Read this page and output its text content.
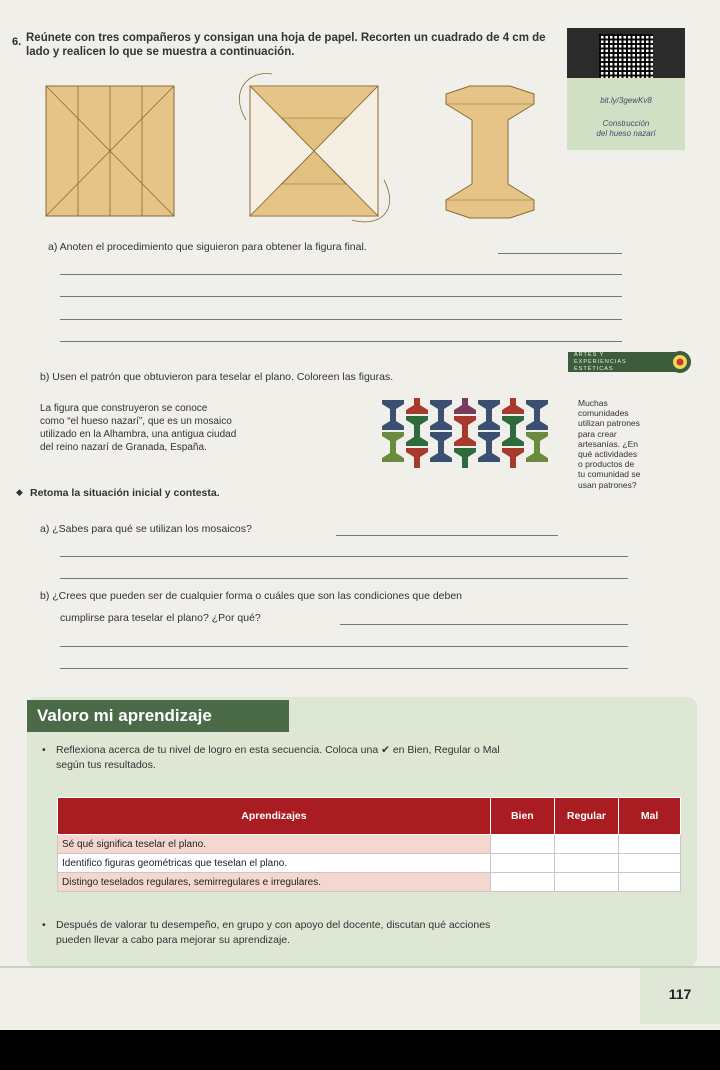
6. Reúnete con tres compañeros y consigan una hoja de papel. Recorten un cuadrado de 4 cm de lado y realicen lo que se muestra a continuación.
bit.ly/3gewKv8
Construcción
del hueso nazarí
a) Anoten el procedimiento que siguieron para obtener la figura final.
b) Usen el patrón que obtuvieron para teselar el plano. Coloreen las figuras.
ARTES Y
EXPERIENCIAS
ESTÉTICAS
La figura que construyeron se conoce
como “el hueso nazarí”, que es un mosaico
utilizado en la Alhambra, una antigua ciudad
del reino nazarí de Granada, España.
Muchas
comunidades
utilizan patrones
para crear
artesanías. ¿En
qué actividades
o productos de
tu comunidad se
usan patrones?
◆ Retoma la situación inicial y contesta.
a) ¿Sabes para qué se utilizan los mosaicos?
b) ¿Crees que pueden ser de cualquier forma o cuáles que son las condiciones que deben
cumplirse para teselar el plano? ¿Por qué?
Valoro mi aprendizaje
• Reflexiona acerca de tu nivel de logro en esta secuencia. Coloca una ✔ en Bien, Regular o Mal
según tus resultados.
Aprendizajes	Bien	Regular	Mal
Sé qué significa teselar el plano.			
Identifico figuras geométricas que teselan el plano.			
Distingo teselados regulares, semirregulares e irregulares.			
• Después de valorar tu desempeño, en grupo y con apoyo del docente, discutan qué acciones
pueden llevar a cabo para mejorar su aprendizaje.
117
